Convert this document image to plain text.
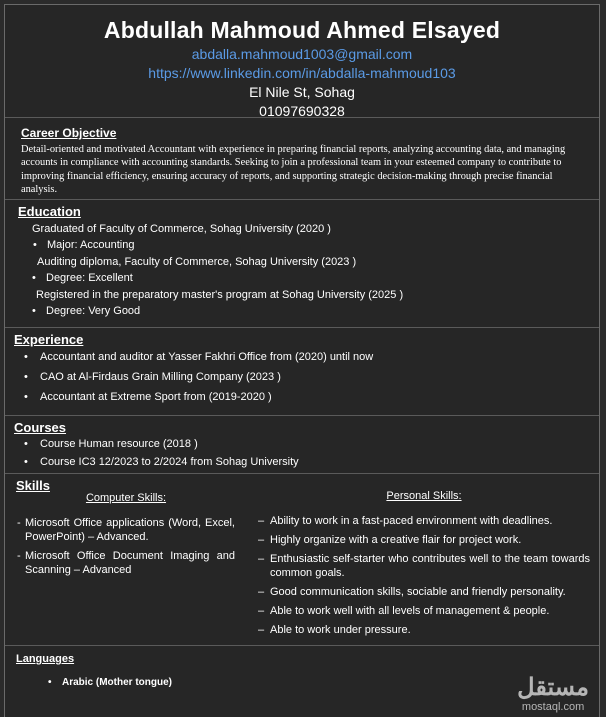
Abdullah Mahmoud Ahmed Elsayed
abdalla.mahmoud1003@gmail.com
https://www.linkedin.com/in/abdalla-mahmoud103
El Nile St, Sohag
01097690328
Career Objective

Detail-oriented and motivated Accountant with experience in preparing financial reports, analyzing accounting data, and managing accounts in compliance with accounting standards. Seeking to join a professional team in your esteemed company to contribute to improving financial efficiency, ensuring accuracy of reports, and supporting strategic decision-making through precise financial analysis.

Education
Graduated of Faculty of Commerce, Sohag University (2020 )
• Major: Accounting
Auditing diploma, Faculty of Commerce, Sohag University (2023 )
• Degree: Excellent
Registered in the preparatory master's program at Sohag University (2025 )
• Degree: Very Good
Experience
• Accountant and auditor at Yasser Fakhri Office from (2020) until now
• CAO at Al-Firdaus Grain Milling Company (2023 )
• Accountant at Extreme Sport from (2019-2020 )
Courses
• Course Human resource (2018 )
• Course IC3 12/2023 to 2/2024 from Sohag University
Skills
Computer Skills:
- Microsoft Office applications (Word, Excel, PowerPoint) – Advanced.
- Microsoft Office Document Imaging and Scanning – Advanced
Personal Skills:
– Ability to work in a fast-paced environment with deadlines.
– Highly organize with a creative flair for project work.
– Enthusiastic self-starter who contributes well to the team towards common goals.
– Good communication skills, sociable and friendly personality.
– Able to work well with all levels of management & people.
– Able to work under pressure.
Languages
• Arabic (Mother tongue)	مستقل
mostaql.com
